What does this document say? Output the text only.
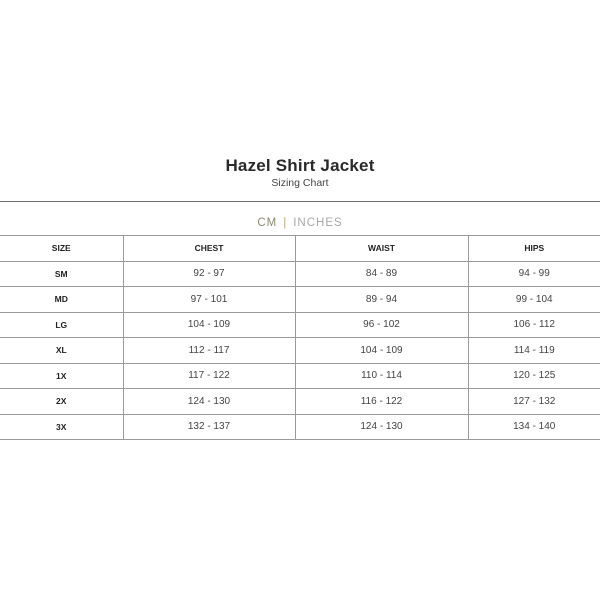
Hazel Shirt Jacket
Sizing Chart
CM | INCHES
SIZE	CHEST	WAIST	HIPS
SM	92 - 97	84 - 89	94 - 99
MD	97 - 101	89 - 94	99 - 104
LG	104 - 109	96 - 102	106 - 112
XL	112 - 117	104 - 109	114 - 119
1X	117 - 122	110 - 114	120 - 125
2X	124 - 130	116 - 122	127 - 132
3X	132 - 137	124 - 130	134 - 140
